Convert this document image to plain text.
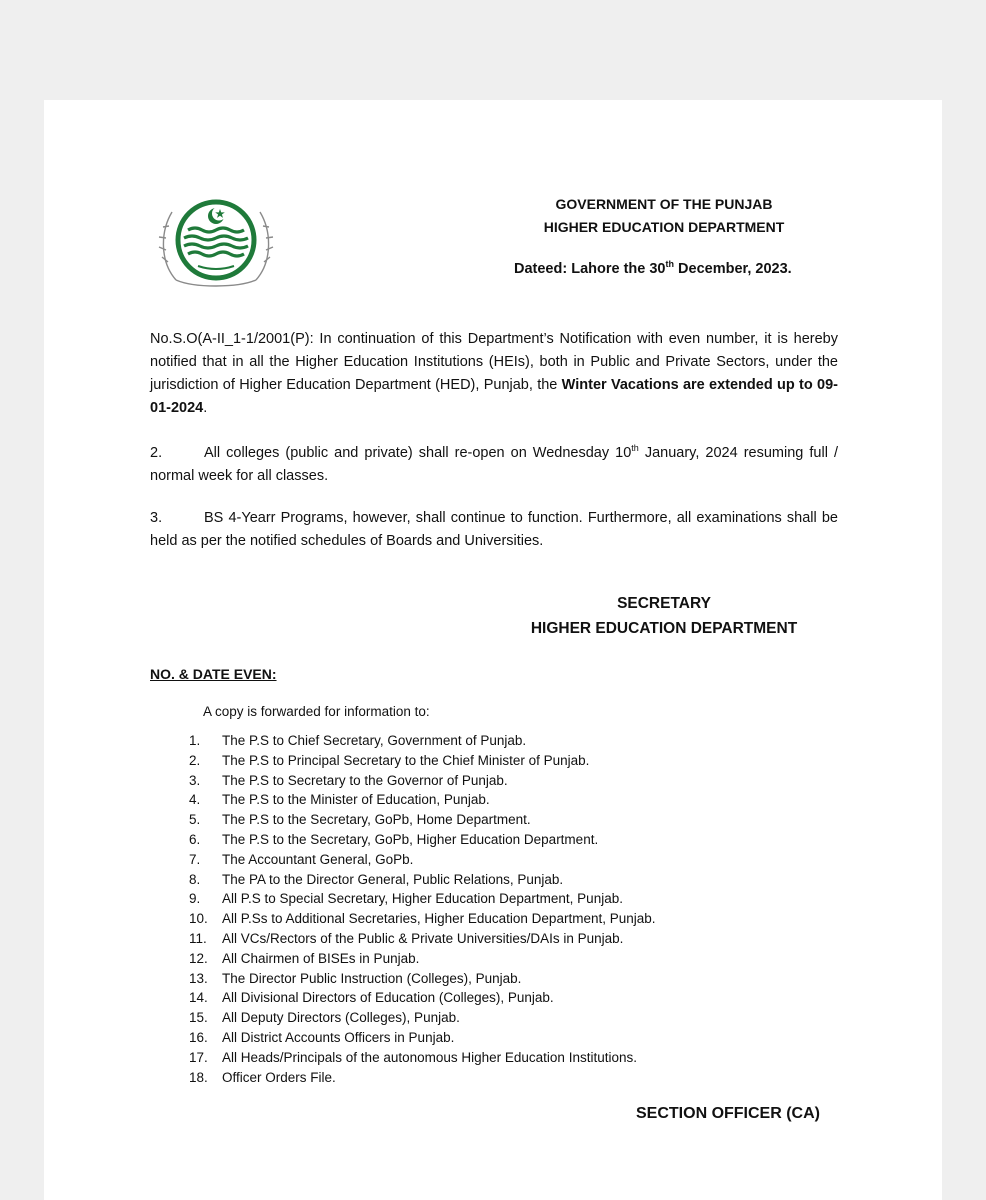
GOVERNMENT OF THE PUNJAB
HIGHER EDUCATION DEPARTMENT
Dateed: Lahore the 30th December, 2023.
No.S.O(A-II_1-1/2001(P): In continuation of this Department’s Notification with even number, it is hereby notified that in all the Higher Education Institutions (HEIs), both in Public and Private Sectors, under the jurisdiction of Higher Education Department (HED), Punjab, the Winter Vacations are extended up to 09-01-2024.
2.	All colleges (public and private) shall re-open on Wednesday 10th January, 2024 resuming full / normal week for all classes.
3.	BS 4-Yearr Programs, however, shall continue to function. Furthermore, all examinations shall be held as per the notified schedules of Boards and Universities.
SECRETARY
HIGHER EDUCATION DEPARTMENT
NO. & DATE EVEN:
A copy is forwarded for information to:
1.	The P.S to Chief Secretary, Government of Punjab.
2.	The P.S to Principal Secretary to the Chief Minister of Punjab.
3.	The P.S to Secretary to the Governor of Punjab.
4.	The P.S to the Minister of Education, Punjab.
5.	The P.S to the Secretary, GoPb, Home Department.
6.	The P.S to the Secretary, GoPb, Higher Education Department.
7.	The Accountant General, GoPb.
8.	The PA to the Director General, Public Relations, Punjab.
9.	All P.S to Special Secretary, Higher Education Department, Punjab.
10.	All P.Ss to Additional Secretaries, Higher Education Department, Punjab.
11.	All VCs/Rectors of the Public & Private Universities/DAIs in Punjab.
12.	All Chairmen of BISEs in Punjab.
13.	The Director Public Instruction (Colleges), Punjab.
14.	All Divisional Directors of Education (Colleges), Punjab.
15.	All Deputy Directors (Colleges), Punjab.
16.	All District Accounts Officers in Punjab.
17.	All Heads/Principals of the autonomous Higher Education Institutions.
18.	Officer Orders File.
SECTION OFFICER (CA)
